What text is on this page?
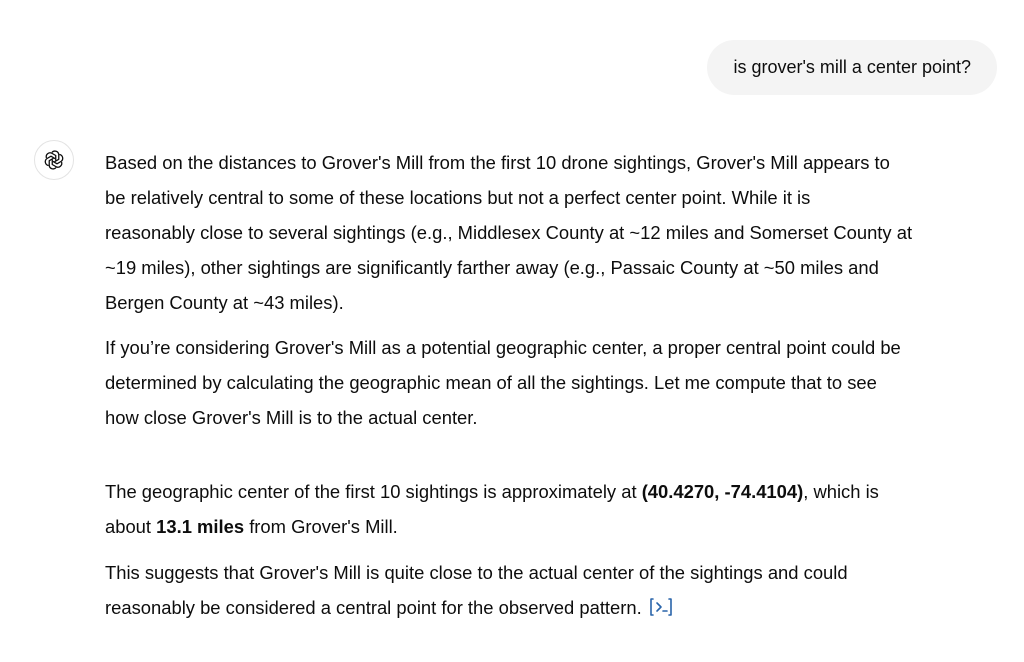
is grover's mill a center point?

Based on the distances to Grover's Mill from the first 10 drone sightings, Grover's Mill appears to

be relatively central to some of these locations but not a perfect center point. While it is

reasonably close to several sightings (e.g., Middlesex County at ~12 miles and Somerset County at

~19 miles), other sightings are significantly farther away (e.g., Passaic County at ~50 miles and

Bergen County at ~43 miles).

If you’re considering Grover's Mill as a potential geographic center, a proper central point could be

determined by calculating the geographic mean of all the sightings. Let me compute that to see

how close Grover's Mill is to the actual center.

The geographic center of the first 10 sightings is approximately at (40.4270, -74.4104), which is

about 13.1 miles from Grover's Mill.

This suggests that Grover's Mill is quite close to the actual center of the sightings and could

reasonably be considered a central point for the observed pattern.
